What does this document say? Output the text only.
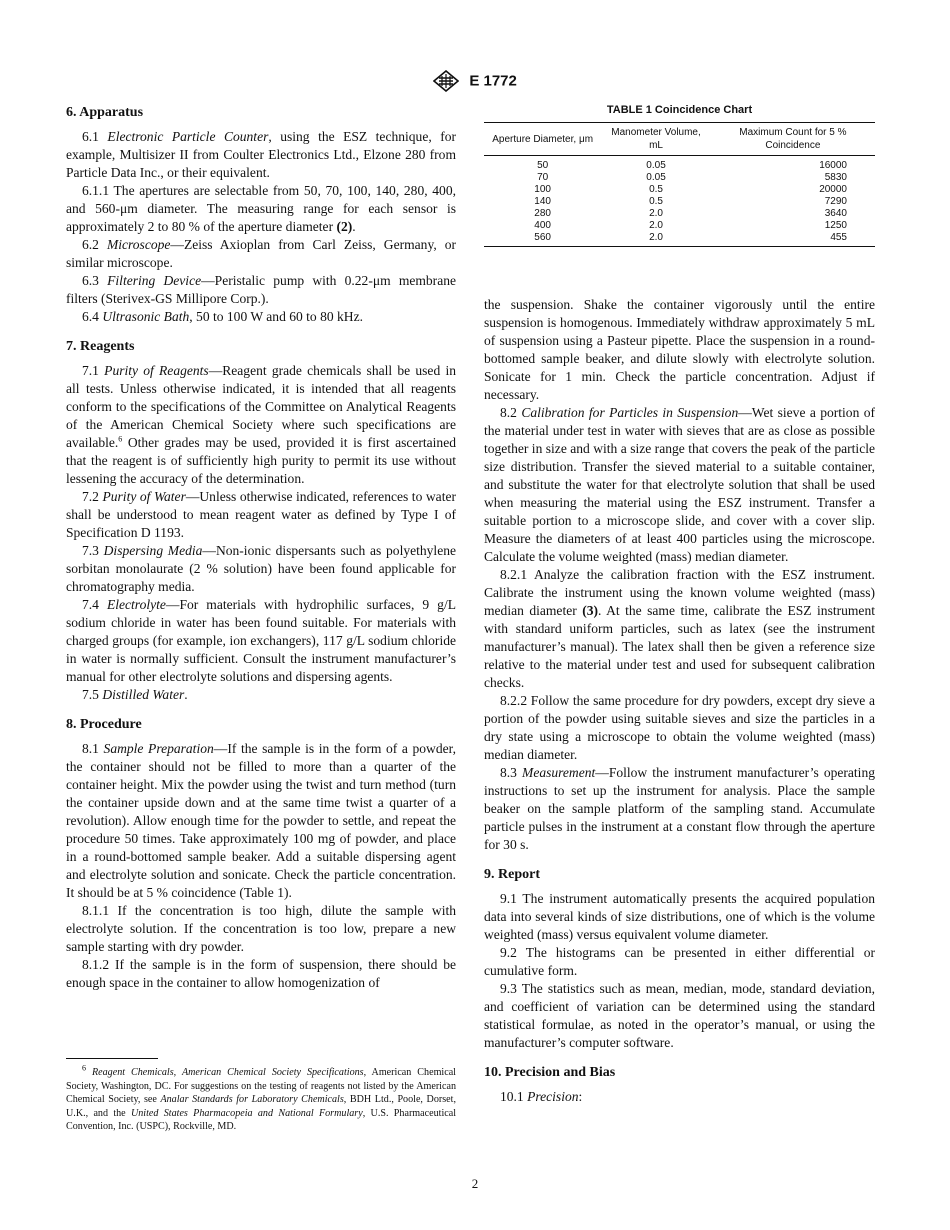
E 1772
6. Apparatus

6.1 Electronic Particle Counter, using the ESZ technique, for example, Multisizer II from Coulter Electronics Ltd., Elzone 280 from Particle Data Inc., or their equivalent.

6.1.1 The apertures are selectable from 50, 70, 100, 140, 280, 400, and 560-μm diameter. The measuring range for each sensor is approximately 2 to 80 % of the aperture diameter (2).

6.2 Microscope—Zeiss Axioplan from Carl Zeiss, Germany, or similar microscope.

6.3 Filtering Device—Peristalic pump with 0.22-μm membrane filters (Sterivex-GS Millipore Corp.).

6.4 Ultrasonic Bath, 50 to 100 W and 60 to 80 kHz.

7. Reagents

7.1 Purity of Reagents—Reagent grade chemicals shall be used in all tests. Unless otherwise indicated, it is intended that all reagents conform to the specifications of the Committee on Analytical Reagents of the American Chemical Society where such specifications are available.$^6$ Other grades may be used, provided it is first ascertained that the reagent is of sufficiently high purity to permit its use without lessening the accuracy of the determination.

7.2 Purity of Water—Unless otherwise indicated, references to water shall be understood to mean reagent water as defined by Type I of Specification D 1193.

7.3 Dispersing Media—Non-ionic dispersants such as polyethylene sorbitan monolaurate (2 % solution) have been found applicable for chromatography media.

7.4 Electrolyte—For materials with hydrophilic surfaces, 9 g/L sodium chloride in water has been found suitable. For materials with charged groups (for example, ion exchangers), 117 g/L sodium chloride in water is normally sufficient. Consult the instrument manufacturer’s manual for other electrolyte solutions and dispersing agents.

7.5 Distilled Water.

8. Procedure

8.1 Sample Preparation—If the sample is in the form of a powder, the container should not be filled to more than a quarter of the container height. Mix the powder using the twist and turn method (turn the container upside down and at the same time twist a quarter of a revolution). Allow enough time for the powder to settle, and repeat the procedure 50 times. Take approximately 100 mg of powder, and place in a round-bottomed sample beaker. Add a suitable dispersing agent and electrolyte solution and sonicate. Check the particle concentration. It should be at 5 % coincidence (Table 1).

8.1.1 If the concentration is too high, dilute the sample with electrolyte solution. If the concentration is too low, prepare a new sample starting with dry powder.

8.1.2 If the sample is in the form of suspension, there should be enough space in the container to allow homogenization of

TABLE 1 Coincidence Chart
Aperture Diameter, μm	Manometer Volume, mL	Maximum Count for 5 % Coincidence
50	0.05	16000
70	0.05	5830
100	0.5	20000
140	0.5	7290
280	2.0	3640
400	2.0	1250
560	2.0	455

the suspension. Shake the container vigorously until the entire suspension is homogenous. Immediately withdraw approximately 5 mL of suspension using a Pasteur pipette. Place the suspension in a round-bottomed sample beaker, and dilute slowly with electrolyte solution. Sonicate for 1 min. Check the particle concentration. Adjust if necessary.

8.2 Calibration for Particles in Suspension—Wet sieve a portion of the material under test in water with sieves that are as close as possible together in size and with a size range that covers the peak of the particle size distribution. Transfer the sieved material to a suitable container, and substitute the water for that electrolyte solution that shall be used when measuring the material using the ESZ instrument. Transfer a suitable portion to a microscope slide, and cover with a cover slip. Measure the diameters of at least 400 particles using the microscope. Calculate the volume weighted (mass) median diameter.

8.2.1 Analyze the calibration fraction with the ESZ instrument. Calibrate the instrument using the known volume weighted (mass) median diameter (3). At the same time, calibrate the ESZ instrument with standard uniform particles, such as latex (see the instrument manufacturer’s manual). The latex shall then be given a reference size relative to the material under test and used for subsequent calibration checks.

8.2.2 Follow the same procedure for dry powders, except dry sieve a portion of the powder using suitable sieves and size the particles in a dry state using a microscope to obtain the volume weighted (mass) median diameter.

8.3 Measurement—Follow the instrument manufacturer’s operating instructions to set up the instrument for analysis. Place the sample beaker on the sample platform of the sampling stand. Accumulate particle pulses in the instrument at a constant flow through the aperture for 30 s.

9. Report

9.1 The instrument automatically presents the acquired population data into several kinds of size distributions, one of which is the volume weighted (mass) versus equivalent volume diameter.

9.2 The histograms can be presented in either differential or cumulative form.

9.3 The statistics such as mean, median, mode, standard deviation, and coefficient of variation can be determined using the standard statistical formulae, as noted in the operator’s manual, or using the manufacturer’s computer software.

10. Precision and Bias

10.1 Precision:

$^6$ Reagent Chemicals, American Chemical Society Specifications, American Chemical Society, Washington, DC. For suggestions on the testing of reagents not listed by the American Chemical Society, see Analar Standards for Laboratory Chemicals, BDH Ltd., Poole, Dorset, U.K., and the United States Pharmacopeia and National Formulary, U.S. Pharmaceutical Convention, Inc. (USPC), Rockville, MD.

2
